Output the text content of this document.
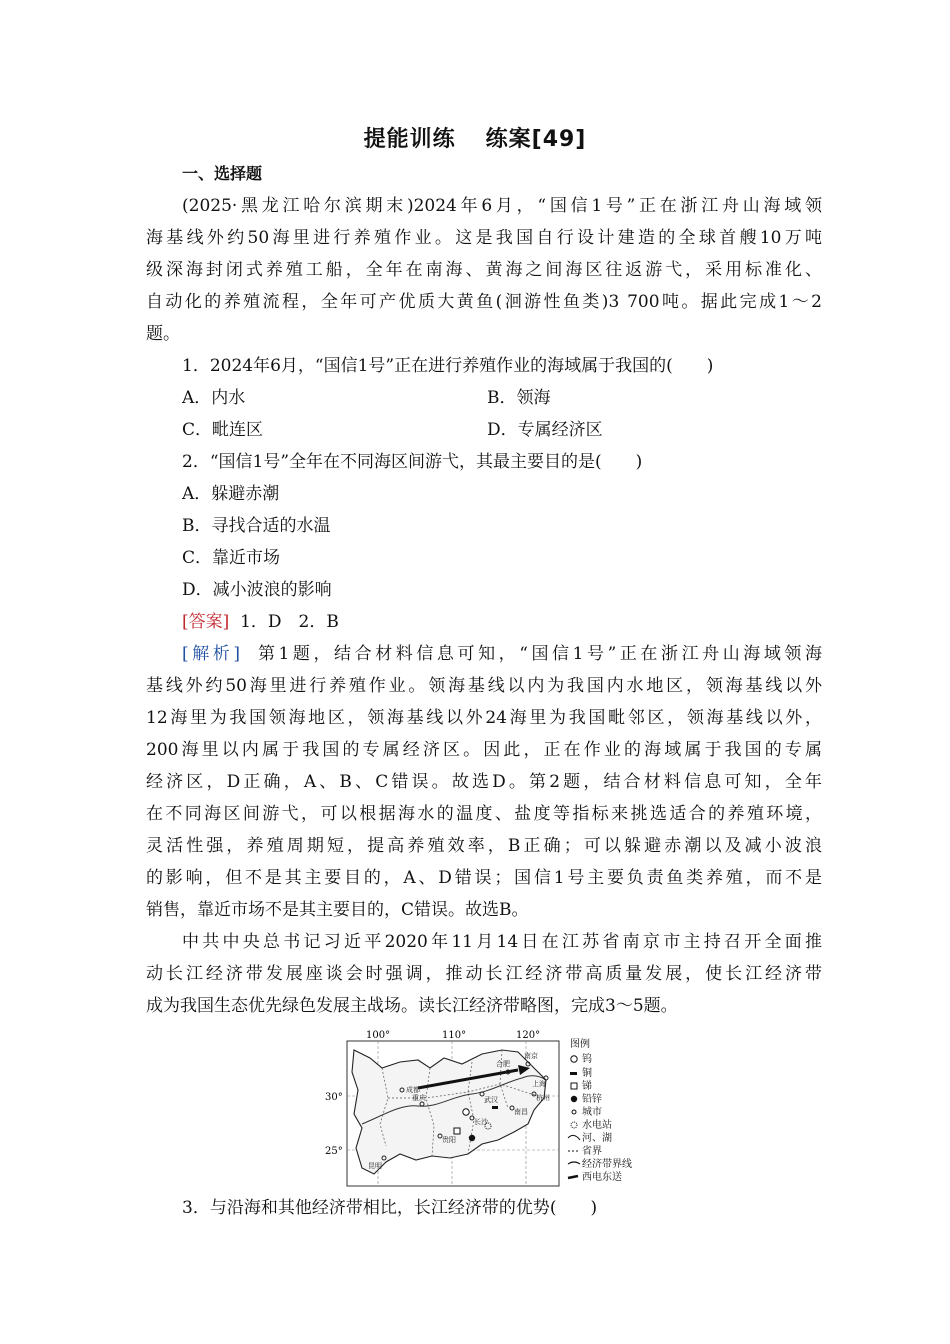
提能训练 练案[49]
一、选择题
(2025·黑龙江哈尔滨期末)2024年6月，“国信1号”正在浙江舟山海域领
海基线外约50海里进行养殖作业。这是我国自行设计建造的全球首艘10万吨
级深海封闭式养殖工船，全年在南海、黄海之间海区往返游弋，采用标准化、
自动化的养殖流程，全年可产优质大黄鱼(洄游性鱼类)3 700吨。据此完成1～2
题。
1．2024年6月，“国信1号”正在进行养殖作业的海域属于我国的(　　)
A．内水	B．领海
C．毗连区	D．专属经济区
2．“国信1号”全年在不同海区间游弋，其最主要目的是(　　)
A．躲避赤潮
B．寻找合适的水温
C．靠近市场
D．减小波浪的影响
[答案] 1．D　2．B
[解析] 第1题，结合材料信息可知，“国信1号”正在浙江舟山海域领海
基线外约50海里进行养殖作业。领海基线以内为我国内水地区，领海基线以外
12海里为我国领海地区，领海基线以外24海里为我国毗邻区，领海基线以外，
200海里以内属于我国的专属经济区。因此，正在作业的海域属于我国的专属
经济区，D正确，A、B、C错误。故选D。第2题，结合材料信息可知，全年
在不同海区间游弋，可以根据海水的温度、盐度等指标来挑选适合的养殖环境，
灵活性强，养殖周期短，提高养殖效率，B正确；可以躲避赤潮以及减小波浪
的影响，但不是其主要目的，A、D错误；国信1号主要负责鱼类养殖，而不是
销售，靠近市场不是其主要目的，C错误。故选B。
中共中央总书记习近平2020年11月14日在江苏省南京市主持召开全面推
动长江经济带发展座谈会时强调，推动长江经济带高质量发展，使长江经济带
成为我国生态优先绿色发展主战场。读长江经济带略图，完成3～5题。
100°	110°	120°
30°
25°
成都
重庆
长沙
贵阳
昆明
武汉
合肥
南京
上海
杭州
南昌
图例
钨
铜
锑
铅锌
城市
水电站
河、湖
省界
经济带界线
西电东送
3．与沿海和其他经济带相比，长江经济带的优势(　　)
